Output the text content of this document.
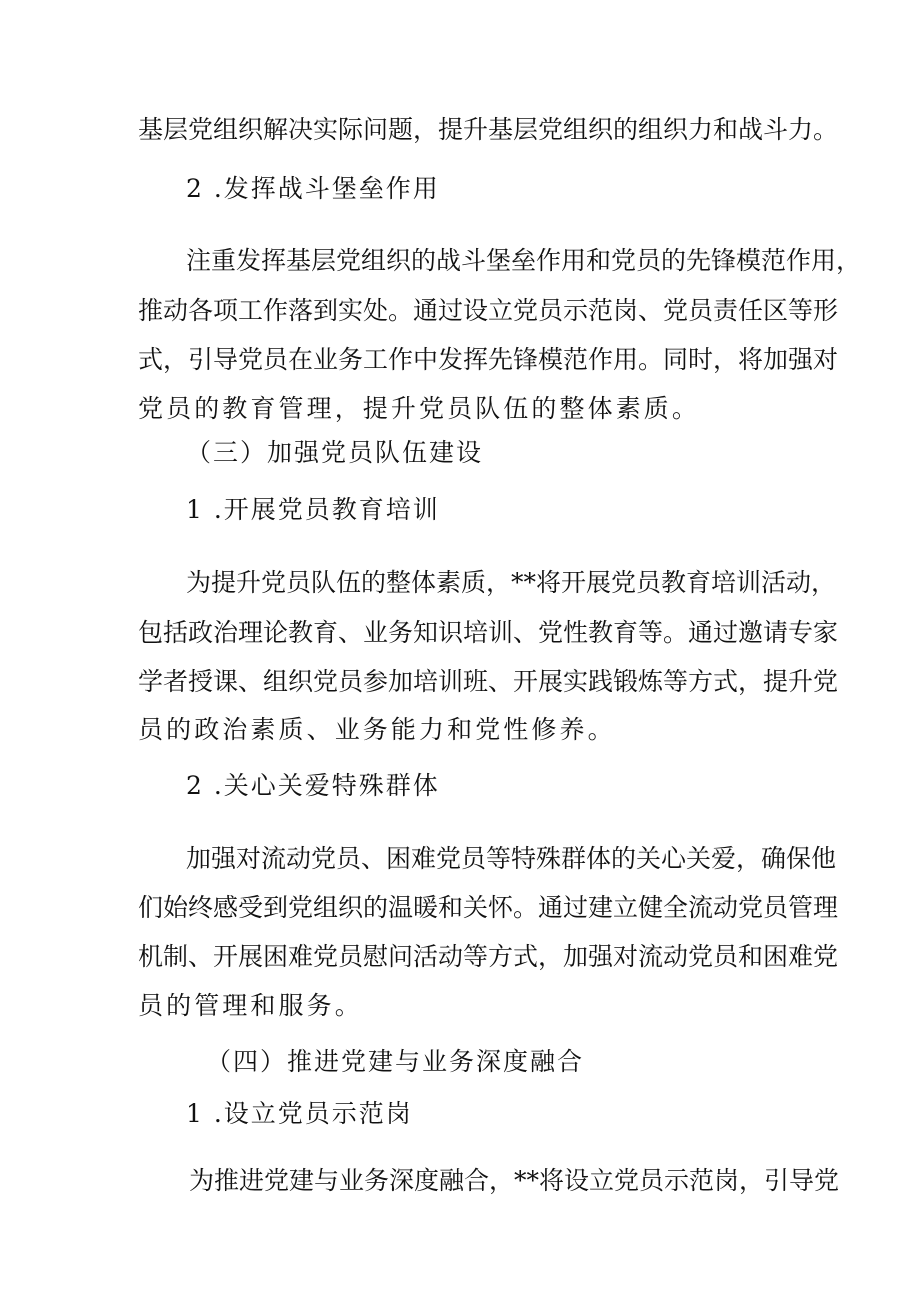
基层党组织解决实际问题，提升基层党组织的组织力和战斗力。
2 .发挥战斗堡垒作用
注重发挥基层党组织的战斗堡垒作用和党员的先锋模范作用，
推动各项工作落到实处。通过设立党员示范岗、党员责任区等形
式，引导党员在业务工作中发挥先锋模范作用。同时，将加强对
党员的教育管理，提升党员队伍的整体素质。
（三）加强党员队伍建设
1 .开展党员教育培训
为提升党员队伍的整体素质，**将开展党员教育培训活动，
包括政治理论教育、业务知识培训、党性教育等。通过邀请专家
学者授课、组织党员参加培训班、开展实践锻炼等方式，提升党
员的政治素质、业务能力和党性修养。
2 .关心关爱特殊群体
加强对流动党员、困难党员等特殊群体的关心关爱，确保他
们始终感受到党组织的温暖和关怀。通过建立健全流动党员管理
机制、开展困难党员慰问活动等方式，加强对流动党员和困难党
员的管理和服务。
（四）推进党建与业务深度融合
1 .设立党员示范岗
为推进党建与业务深度融合，**将设立党员示范岗，引导党
